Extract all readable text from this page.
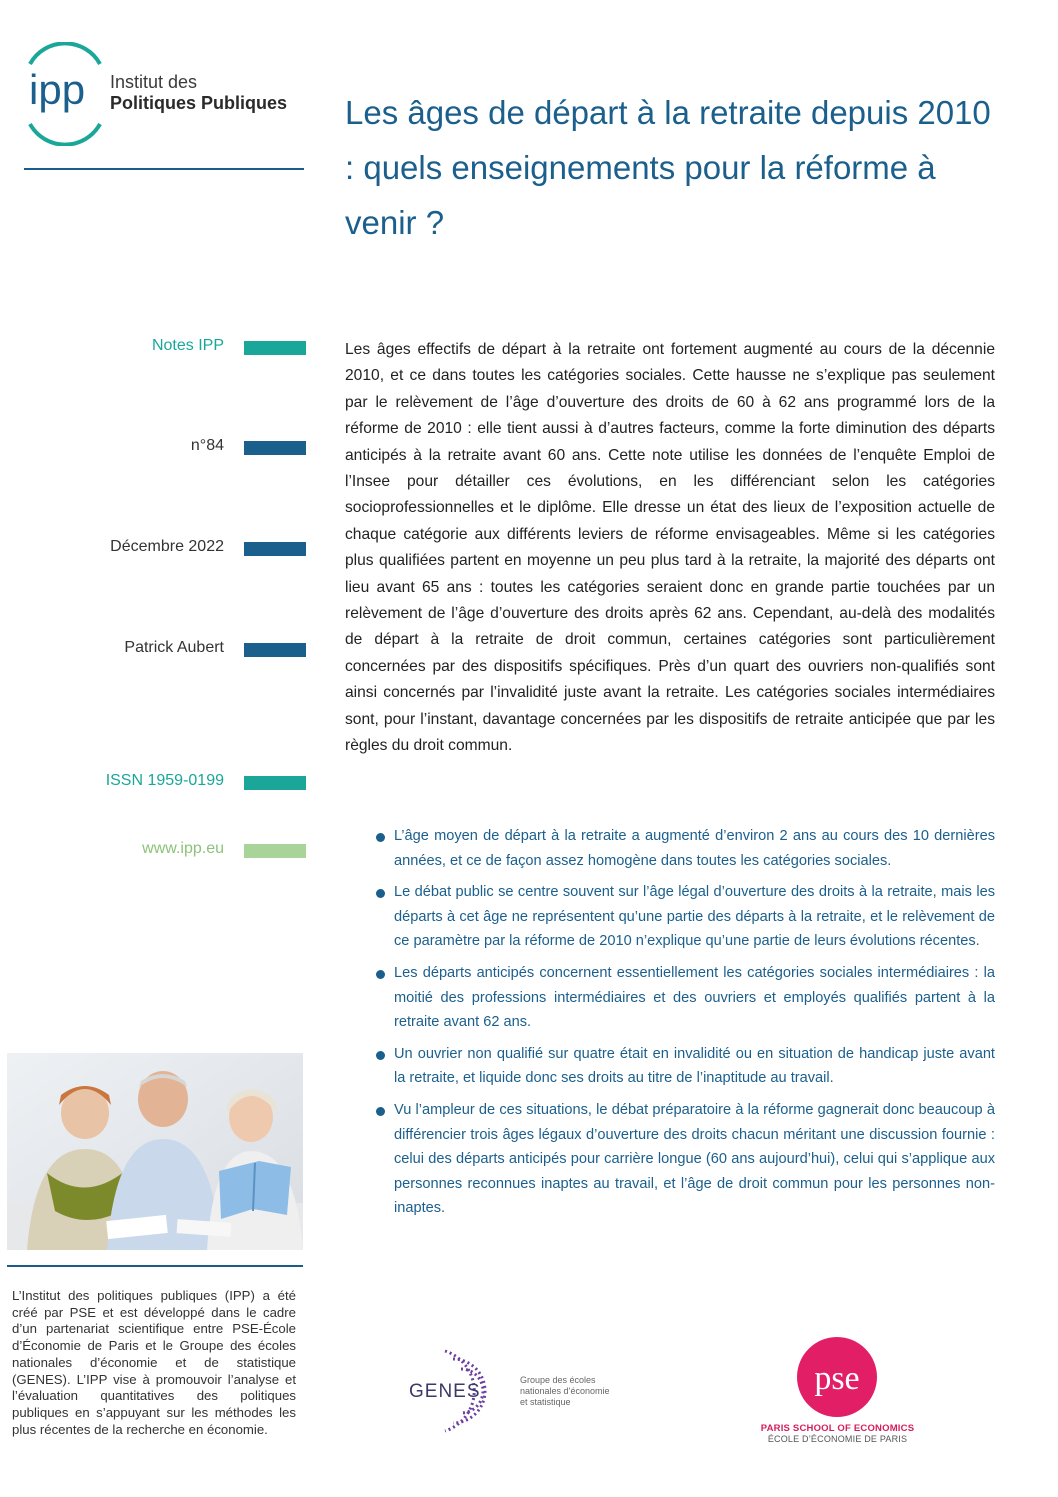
ipp Institut des
Politiques Publiques Les âges de départ à la retraite depuis 2010 : quels enseignements pour la réforme à venir ?
Notes IPP
n°84
Décembre 2022
Patrick Aubert
ISSN 1959-0199
www.ipp.eu

Les âges effectifs de départ à la retraite ont fortement augmenté au cours de la décennie 2010, et ce dans toutes les catégories sociales. Cette hausse ne s’explique pas seulement par le relèvement de l’âge d’ouverture des droits de 60 à 62 ans programmé lors de la réforme de 2010 : elle tient aussi à d’autres facteurs, comme la forte diminution des départs anticipés à la retraite avant 60 ans. Cette note utilise les données de l’enquête Emploi de l’Insee pour détailler ces évolutions, en les différenciant selon les catégories socioprofessionnelles et le diplôme. Elle dresse un état des lieux de l’exposition actuelle de chaque catégorie aux différents leviers de réforme envisageables. Même si les catégories plus qualifiées partent en moyenne un peu plus tard à la retraite, la majorité des départs ont lieu avant 65 ans : toutes les catégories seraient donc en grande partie touchées par un relèvement de l’âge d’ouverture des droits après 62 ans. Cependant, au-delà des modalités de départ à la retraite de droit commun, certaines catégories sont particulièrement concernées par des dispositifs spécifiques. Près d’un quart des ouvriers non-qualifiés sont ainsi concernés par l’invalidité juste avant la retraite. Les catégories sociales intermédiaires sont, pour l’instant, davantage concernées par les dispositifs de retraite anticipée que par les règles du droit commun.

L’âge moyen de départ à la retraite a augmenté d’environ 2 ans au cours des 10 dernières années, et ce de façon assez homogène dans toutes les catégories sociales.
Le débat public se centre souvent sur l’âge légal d’ouverture des droits à la retraite, mais les départs à cet âge ne représentent qu’une partie des départs à la retraite, et le relèvement de ce paramètre par la réforme de 2010 n’explique qu’une partie de leurs évolutions récentes.
Les départs anticipés concernent essentiellement les catégories sociales intermédiaires : la moitié des professions intermédiaires et des ouvriers et employés qualifiés partent à la retraite avant 62 ans.
Un ouvrier non qualifié sur quatre était en invalidité ou en situation de handicap juste avant la retraite, et liquide donc ses droits au titre de l’inaptitude au travail.
Vu l’ampleur de ces situations, le débat préparatoire à la réforme gagnerait donc beaucoup à différencier trois âges légaux d’ouverture des droits chacun méritant une discussion fournie : celui des départs anticipés pour carrière longue (60 ans aujourd’hui), celui qui s’applique aux personnes reconnues inaptes au travail, et l’âge de droit commun pour les personnes non-inaptes.

L’Institut des politiques publiques (IPP) a été créé par PSE et est développé dans le cadre d’un partenariat scientifique entre PSE-École d’Économie de Paris et le Groupe des écoles nationales d’économie et de statistique (GENES). L’IPP vise à promouvoir l’analyse et l’évaluation quantitatives des politiques publiques en s’appuyant sur les méthodes les plus récentes de la recherche en économie.

GENES
Groupe des écoles nationales d’économie et statistique
pse
PARIS SCHOOL OF ECONOMICS
ÉCOLE D’ÉCONOMIE DE PARIS
